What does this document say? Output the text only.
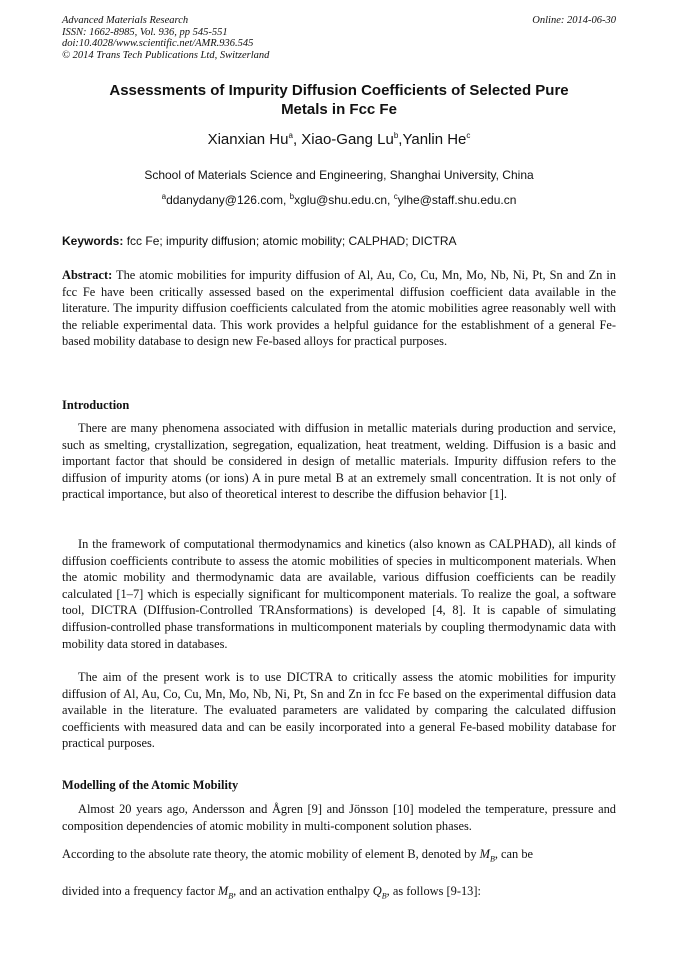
Advanced Materials Research
ISSN: 1662-8985, Vol. 936, pp 545-551
doi:10.4028/www.scientific.net/AMR.936.545
© 2014 Trans Tech Publications Ltd, Switzerland
Online: 2014-06-30
Assessments of Impurity Diffusion Coefficients of Selected Pure
Metals in Fcc Fe
Xianxian Hu$^a$, Xiao-Gang Lu$^b$,Yanlin He$^c$
School of Materials Science and Engineering, Shanghai University, China
$^a$ddanydany@126.com, $^b$xglu@shu.edu.cn, $^c$ylhe@staff.shu.edu.cn
Keywords: fcc Fe; impurity diffusion; atomic mobility; CALPHAD; DICTRA

Abstract: The atomic mobilities for impurity diffusion of Al, Au, Co, Cu, Mn, Mo, Nb, Ni, Pt, Sn and Zn in fcc Fe have been critically assessed based on the experimental diffusion coefficient data available in the literature. The impurity diffusion coefficients calculated from the atomic mobilities agree reasonably well with the reliable experimental data. This work provides a helpful guidance for the establishment of a general Fe-based mobility database to design new Fe-based alloys for practical purposes.

Introduction

There are many phenomena associated with diffusion in metallic materials during production and service, such as smelting, crystallization, segregation, equalization, heat treatment, welding. Diffusion is a basic and important factor that should be considered in design of metallic materials. Impurity diffusion refers to the diffusion of impurity atoms (or ions) A in pure metal B at an extremely small concentration. It is not only of practical importance, but also of theoretical interest to describe the diffusion behavior [1].

In the framework of computational thermodynamics and kinetics (also known as CALPHAD), all kinds of diffusion coefficients contribute to assess the atomic mobilities of species in multicomponent materials. When the atomic mobility and thermodynamic data are available, various diffusion coefficients can be readily calculated [1–7] which is especially significant for multicomponent materials. To realize the goal, a software tool, DICTRA (DIffusion-Controlled TRAnsformations) is developed [4, 8]. It is capable of simulating diffusion-controlled phase transformations in multicomponent materials by coupling thermodynamic data with mobility data stored in databases.

The aim of the present work is to use DICTRA to critically assess the atomic mobilities for impurity diffusion of Al, Au, Co, Cu, Mn, Mo, Nb, Ni, Pt, Sn and Zn in fcc Fe based on the experimental diffusion data available in the literature. The evaluated parameters are validated by comparing the calculated diffusion coefficients with measured data and can be easily incorporated into a general Fe-based mobility database for practical purposes.

Modelling of the Atomic Mobility

Almost 20 years ago, Andersson and Ågren [9] and Jönsson [10] modeled the temperature, pressure and composition dependencies of atomic mobility in multi-component solution phases.

According to the absolute rate theory, the atomic mobility of element B, denoted by $M_B$, can be

divided into a frequency factor $M_B$, and an activation enthalpy $Q_B$, as follows [9-13]:
